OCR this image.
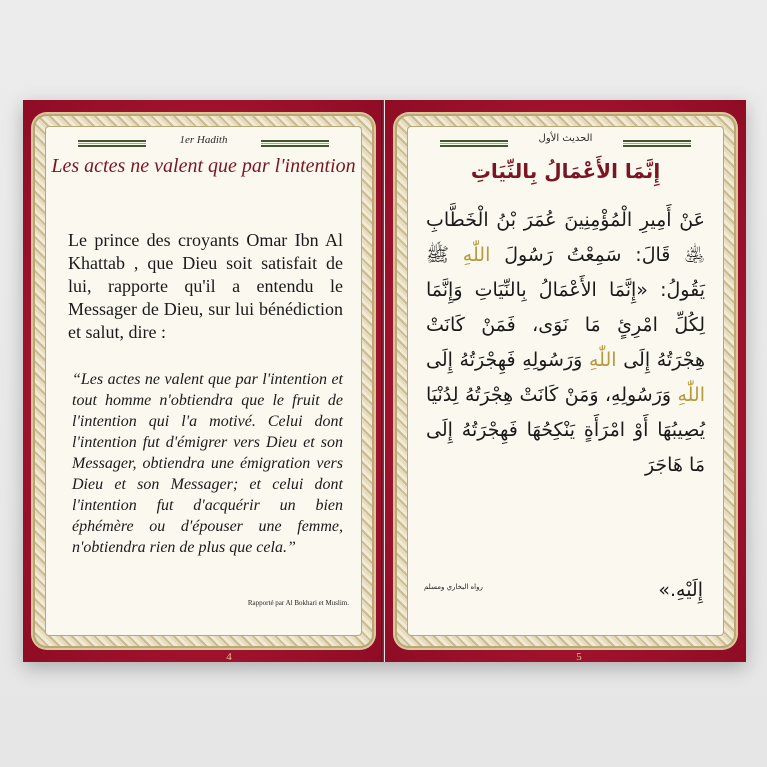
1er Hadith
Les actes ne valent que par l'intention
Le prince des croyants Omar Ibn Al Khattab , que Dieu soit satisfait de lui, rapporte qu'il a entendu le Messager de Dieu, sur lui bénédiction et salut, dire :
“Les actes ne valent que par l'intention et tout homme n'obtiendra que le fruit de l'intention qui l'a motivé. Celui dont l'intention fut d'émigrer vers Dieu et son Messager, obtiendra une émigration vers Dieu et son Messager; et celui dont l'intention fut d'acquérir un bien éphémère ou d'épouser une femme, n'obtiendra rien de plus que cela.”
Rapporté par Al Bokhari et Muslim.
4
الحديث الأول
إِنَّمَا الأَعْمَالُ بِالنِّيَاتِ
عَنْ أَمِيرِ الْمُؤْمِنِينَ عُمَرَ بْنُ الْخَطَّابِ ﵁ قَالَ: سَمِعْتُ رَسُولَ اللّٰهِ ﷺ يَقُولُ: «إِنَّمَا الأَعْمَالُ بِالنِّيَاتِ وَإِنَّمَا لِكُلِّ امْرِئٍ مَا نَوَى، فَمَنْ كَانَتْ هِجْرَتُهُ إِلَى اللّٰهِ وَرَسُولِهِ فَهِجْرَتُهُ إِلَى اللّٰهِ وَرَسُولِهِ، وَمَنْ كَانَتْ هِجْرَتُهُ لِدُنْيَا يُصِيبُهَا أَوْ امْرَأَةٍ يَنْكِحُهَا فَهِجْرَتُهُ إِلَى مَا هَاجَرَ
إِلَيْهِ.»
رواه البخاري ومسلم
5
